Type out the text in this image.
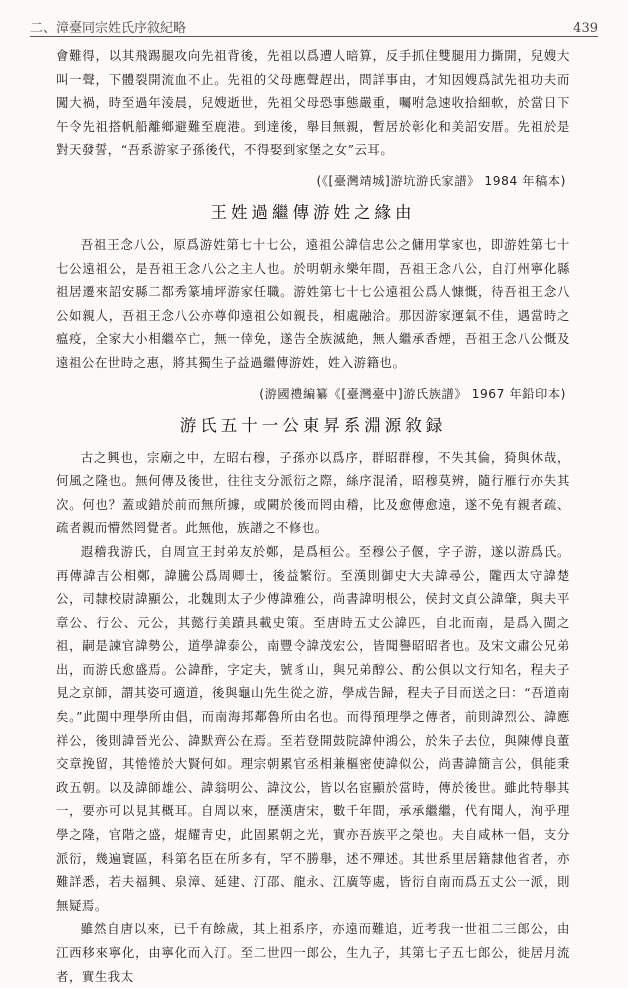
二、漳臺同宗姓氏序敘紀略	439

會難得，以其飛踢腿攻向先祖背後，先祖以爲遭人暗算，反手抓住雙腿用力撕開，兒嫂大叫一聲，下體裂開流血不止。先祖的父母應聲趕出，問詳事由，才知因嫂爲試先祖功夫而闖大禍，時至過年淩晨，兒嫂逝世，先祖父母恐事態嚴重，囑咐急速收拾細軟，於當日下午令先祖搭帆船離鄉避難至鹿港。到達後，舉目無親，暫居於彰化和美詔安厝。先祖於是對天發誓，“吾系游家子孫後代，不得娶到家堡之女”云耳。

(《[臺灣靖城]游坑游氏家譜》 1984 年稿本)
王姓過繼傳游姓之緣由

吾祖王念八公，原爲游姓第七十七公，遠祖公諱信忠公之傭用掌家也，即游姓第七十七公遠祖公，是吾祖王念八公之主人也。於明朝永樂年間，吾祖王念八公，自汀州寧化縣祖居遷來詔安縣二都秀篆埔坪游家任職。游姓第七十七公遠祖公爲人慷慨，待吾祖王念八公如親人，吾祖王念八公亦尊仰遠祖公如親長，相處融洽。那因游家運氣不佳，遇當時之瘟疫，全家大小相繼卒亡，無一倖免，遂告全族滅絶，無人繼承香煙，吾祖王念八公慨及遠祖公在世時之惠，將其獨生子益過繼傳游姓，姓入游籍也。

(游國禮編纂《[臺灣臺中]游氏族譜》 1967 年鉛印本)
游氏五十一公東昇系淵源敘録

古之興也，宗廟之中，左昭右穆，子孫亦以爲序，群昭群穆，不失其倫，猗與休哉，何風之隆也。無何傳及後世，往往支分派衍之際，絲序混淆，昭穆莫辨，隨行雁行亦失其次。何也？蓋或錯於前而無所據，或闕於後而罔由稽，比及愈傳愈遠，遂不免有親者疏、疏者親而懵然罔覺者。此無他，族譜之不修也。

遐稽我游氏，自周宣王封弟友於鄭，是爲桓公。至穆公子偃，字子游，遂以游爲氏。再傳諱吉公相鄭，諱騰公爲周卿士，後益繁衍。至漢則御史大夫諱尋公，隴西太守諱楚公，司隸校尉諱顯公，北魏則太子少傅諱雅公，尚書諱明根公，侯封文貞公諱肇，與夫平章公、行公、元公，其懿行美蹟具載史策。至唐時五丈公諱匹，自北而南，是爲入閩之祖，嗣是諫官諱勢公，道學諱泰公，南豐令諱茂宏公，皆聞譽昭昭者也。及宋文肅公兄弟出，而游氏愈盛焉。公諱酢，字定夫，號豸山，與兄弟醇公、酌公俱以文行知名，程夫子見之京師，謂其姿可適道，後與龜山先生從之游，學成告歸，程夫子目而送之曰：“吾道南矣。”此閩中理學所由倡，而南海邦鄰魯所由名也。而得預理學之傳者，前則諱烈公、諱應祥公，後則諱晉光公、諱默齊公在焉。至若登開鼓院諱仲鴻公，於朱子去位，與陳傅良董交章挽留，其惓惓於大賢何如。理宗朝累官丞相兼樞密使諱似公，尚書諱簡言公，俱能秉政五朝。以及諱師雄公、諱翁明公、諱汶公，皆以名宦顯於當時，傳於後世。雖此特舉其一，要亦可以見其概耳。自周以來，歷漢唐宋，數千年間，承承繼繼，代有聞人，洵乎理學之隆，官階之盛，焜耀青史，此固累朝之光，實亦吾族平之榮也。夫自咸林一倡，支分派衍，幾遍寰區，科第名臣在所多有，罕不勝舉，述不殫述。其世系里居籍隸他省者，亦難詳悉，若夫福興、泉漳、延建、汀邵、龍永、江廣等處，皆衍自南而爲五丈公一派，則無疑焉。

雖然自唐以來，已千有餘歲，其上祖系序，亦遠而難追，近考我一世祖二三郎公，由江西移來寧化，由寧化而入汀。至二世四一郎公，生九子，其第七子五七郎公，徙居月流者，實生我太
